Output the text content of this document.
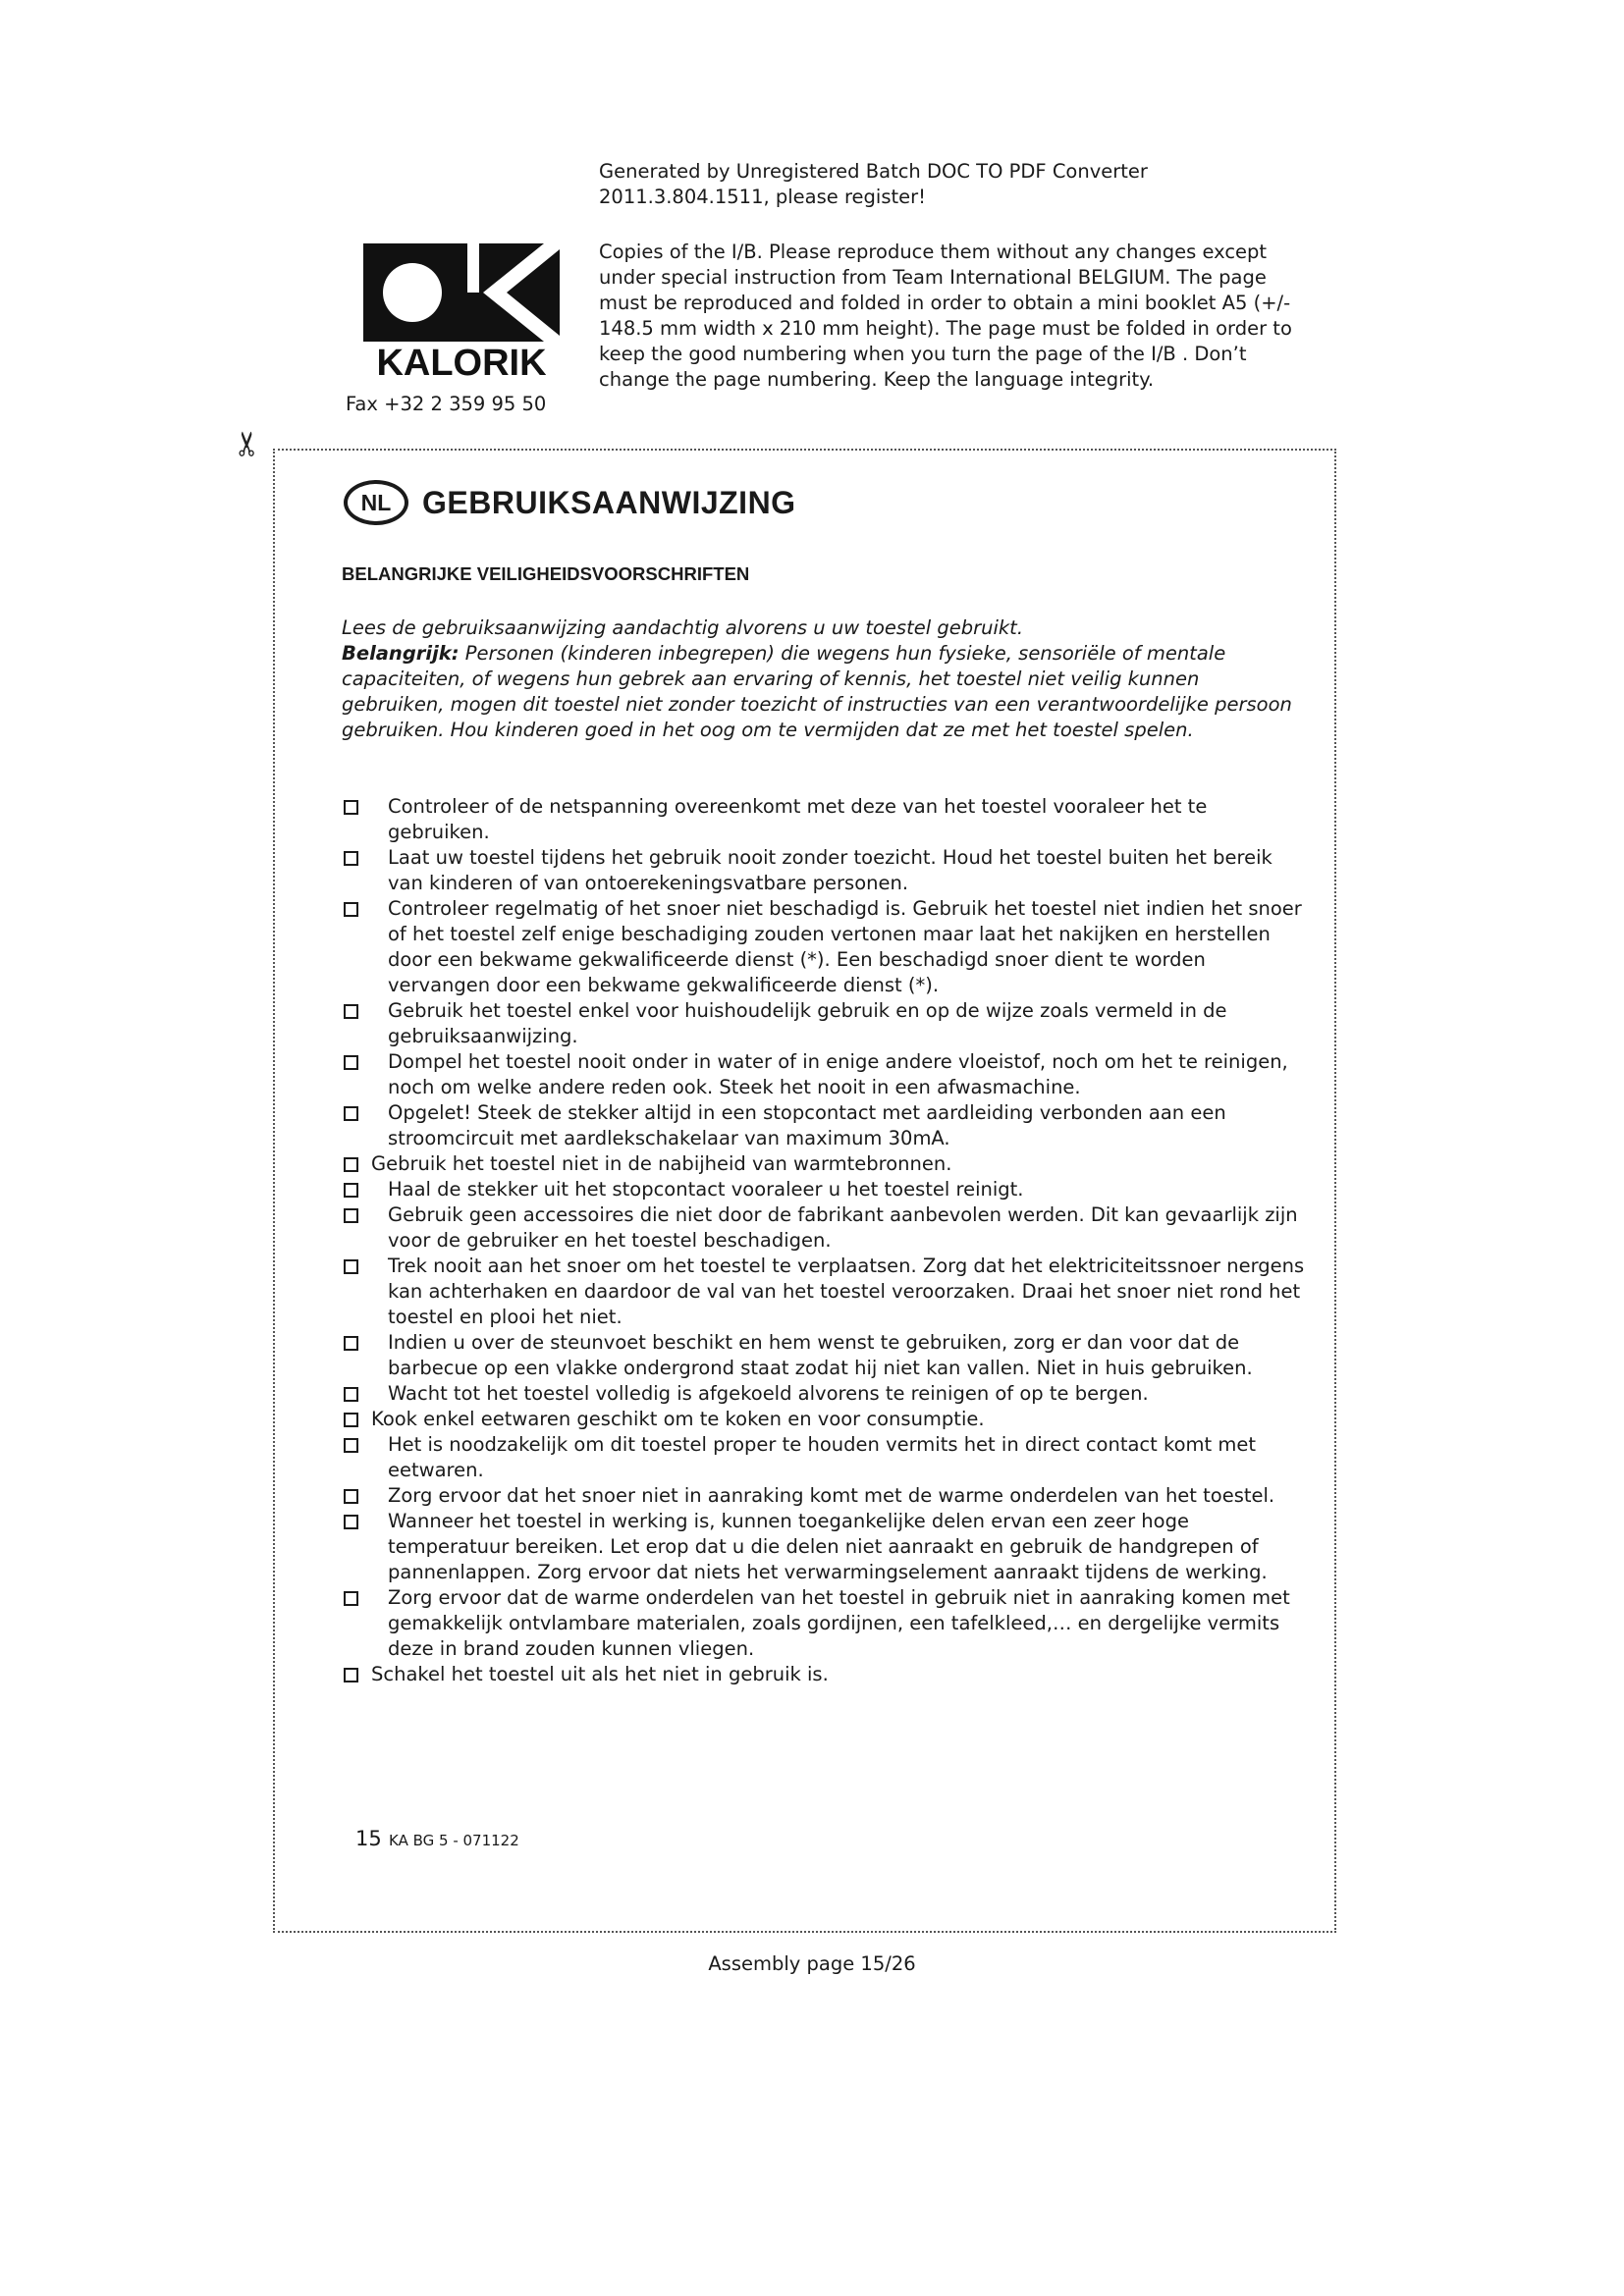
Generated by Unregistered Batch DOC TO PDF Converter
2011.3.804.1511, please register!
KALORIK
Copies of the I/B. Please reproduce them without any changes except under special instruction from Team International BELGIUM. The page must be reproduced and folded in order to obtain a mini booklet A5 (+/- 148.5 mm width x 210 mm height). The page must be folded in order to keep the good numbering when you turn the page of the I/B . Don’t change the page numbering. Keep the language integrity.
Fax +32 2 359 95 50
✂
NL GEBRUIKSAANWIJZING
BELANGRIJKE VEILIGHEIDSVOORSCHRIFTEN

Lees de gebruiksaanwijzing aandachtig alvorens u uw toestel gebruikt.

Belangrijk: Personen (kinderen inbegrepen) die wegens hun fysieke, sensoriële of mentale capaciteiten, of wegens hun gebrek aan ervaring of kennis, het toestel niet veilig kunnen gebruiken, mogen dit toestel niet zonder toezicht of instructies van een verantwoordelijke persoon gebruiken. Hou kinderen goed in het oog om te vermijden dat ze met het toestel spelen.

Controleer of de netspanning overeenkomt met deze van het toestel vooraleer het te gebruiken.
Laat uw toestel tijdens het gebruik nooit zonder toezicht. Houd het toestel buiten het bereik van kinderen of van ontoerekeningsvatbare personen.
Controleer regelmatig of het snoer niet beschadigd is. Gebruik het toestel niet indien het snoer of het toestel zelf enige beschadiging zouden vertonen maar laat het nakijken en herstellen door een bekwame gekwalificeerde dienst (*). Een beschadigd snoer dient te worden vervangen door een bekwame gekwalificeerde dienst (*).
Gebruik het toestel enkel voor huishoudelijk gebruik en op de wijze zoals vermeld in de gebruiksaanwijzing.
Dompel het toestel nooit onder in water of in enige andere vloeistof, noch om het te reinigen, noch om welke andere reden ook. Steek het nooit in een afwasmachine.
Opgelet! Steek de stekker altijd in een stopcontact met aardleiding verbonden aan een stroomcircuit met aardlekschakelaar van maximum 30mA.
Gebruik het toestel niet in de nabijheid van warmtebronnen.
Haal de stekker uit het stopcontact vooraleer u het toestel reinigt.
Gebruik geen accessoires die niet door de fabrikant aanbevolen werden. Dit kan gevaarlijk zijn voor de gebruiker en het toestel beschadigen.
Trek nooit aan het snoer om het toestel te verplaatsen. Zorg dat het elektriciteitssnoer nergens kan achterhaken en daardoor de val van het toestel veroorzaken. Draai het snoer niet rond het toestel en plooi het niet.
Indien u over de steunvoet beschikt en hem wenst te gebruiken, zorg er dan voor dat de barbecue op een vlakke ondergrond staat zodat hij niet kan vallen. Niet in huis gebruiken.
Wacht tot het toestel volledig is afgekoeld alvorens te reinigen of op te bergen.
Kook enkel eetwaren geschikt om te koken en voor consumptie.
Het is noodzakelijk om dit toestel proper te houden vermits het in direct contact komt met eetwaren.
Zorg ervoor dat het snoer niet in aanraking komt met de warme onderdelen van het toestel.
Wanneer het toestel in werking is, kunnen toegankelijke delen ervan een zeer hoge temperatuur bereiken. Let erop dat u die delen niet aanraakt en gebruik de handgrepen of pannenlappen. Zorg ervoor dat niets het verwarmingselement aanraakt tijdens de werking.
Zorg ervoor dat de warme onderdelen van het toestel in gebruik niet in aanraking komen met gemakkelijk ontvlambare materialen, zoals gordijnen, een tafelkleed,… en dergelijke vermits deze in brand zouden kunnen vliegen.
Schakel het toestel uit als het niet in gebruik is.
15 KA BG 5 - 071122
Assembly page 15/26
